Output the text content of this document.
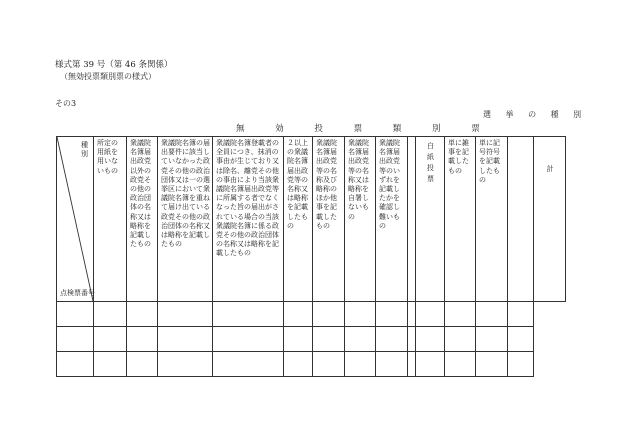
様式第 39 号（第 46 条関係）
（無効投票類別票の様式）
その3
選 挙 の 種 別
無 効 投 票 類 別 票
種別
点検票番号	所定の用紙を用いないもの	衆議院名簿届出政党以外の政党その他の政治団体の名称又は略称を記載したもの	衆議院名簿の届出要件に該当していなかった政党その他の政治団体又は一の選挙区において衆議院名簿を重ねて届け出ている政党その他の政治団体の名称又は略称を記載したもの	衆議院名簿登載者の全員につき、抹消の事由が生じており又は除名、離党その他の事由により当該衆議院名簿届出政党等に所属する者でなくなった旨の届出がされている場合の当該衆議院名簿に係る政党その他の政治団体の名称又は略称を記載したもの	２以上の衆議院名簿届出政党等の名称又は略称を記載したもの	衆議院名簿届出政党等の名称及び略称のほか他事を記載したもの	衆議院名簿届出政党等の名称又は略称を自署しないもの	衆議院名簿届出政党等のいずれを記載したかを確認し難いもの		白紙投票	単に雑事を記載したもの	単に記号符号を記載したもの		計
